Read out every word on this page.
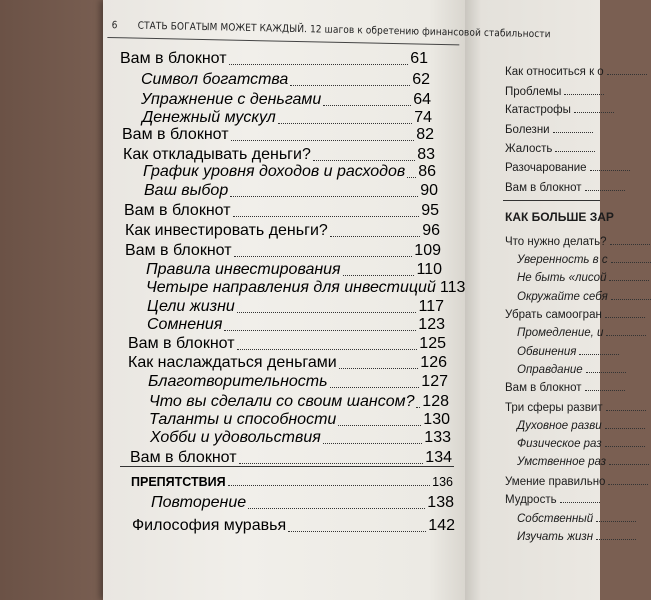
6 СТАТЬ БОГАТЫМ МОЖЕТ КАЖДЫЙ. 12 шагов к обретению финансовой стабильности
Вам в блокнот	61
Символ богатства	62
Упражнение с деньгами	64
Денежный мускул	74
Вам в блокнот	82
Как откладывать деньги?	83
График уровня доходов и расходов 86
Ваш выбор	90
Вам в блокнот	95
Как инвестировать деньги?	96
Вам в блокнот	109
Правила инвестирования	110
Четыре направления для инвестиций 113
Цели жизни	117
Сомнения	123
Вам в блокнот	125
Как наслаждаться деньгами	126
Благотворительность	127
Что вы сделали со своим шансом? 128
Таланты и способности	130
Хобби и удовольствия	133
Вам в блокнот	134
ПРЕПЯТСТВИЯ	136
Повторение	138
Философия муравья	142
Как относиться к о
Проблемы
Катастрофы
Болезни
Жалость
Разочарование
Вам в блокнот
КАК БОЛЬШЕ ЗАР
Что нужно делать?
Уверенность в с
Не быть «лисой
Окружайте себя
Убрать самоогран
Промедление, и
Обвинения
Оправдание
Вам в блокнот
Три сферы развит
Духовное разви
Физическое раз
Умственное раз
Умение правильно
Мудрость
Собственный
Изучать жизн
